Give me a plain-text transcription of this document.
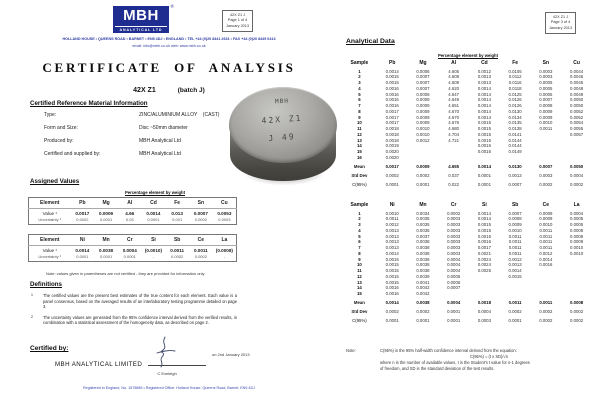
MBH
ANALYTICAL LTD
®
42X Z1 J
Page 1 of 4
January 2013
HOLLAND HOUSE • QUEENS ROAD • BARNET • EN5 4DJ • ENGLAND • TEL +44 (0)20 8441 2631 • FAX +44 (0)20 8449 0413
email: info@mbh.co.uk web: www.mbh.co.uk
CERTIFICATE  OF  ANALYSIS
42X Z1	(batch J)
Certified Reference Material Information
Type:	ZINC/ALUMINIUM ALLOY    (CAST)
Form and Size:	Disc ~50mm diameter
Produced by:	MBH Analytical Ltd
Certified and supplied by:	MBH Analytical Ltd
MBH
42X Z1
J 49
Assigned Values
Percentage element by weight
Element	Pb	Mg	Al	Cd	Fe	Sn	Cu
Value ¹	0.0017	0.0009	4.66	0.0014	0.013	0.0007	0.0053
Uncertainty ²	0.0002	0.0001	0.03	0.0001	0.001	0.0002	0.0003
Element	Ni	Mn	Cr	Si	Sb	Ce	La
Value ¹	0.0014	0.0038	0.0004	(0.0010)	0.0011	0.0011	(0.0008)
Uncertainty ²	0.0001	0.0001	0.0001	-	0.0002	0.0002	-
Note: values given in parentheses are not certified - they are provided for information only
Definitions
1	The certified values are the present best estimates of the true content for each element. Each value is a panel consensus, based on the averaged results of an interlaboratory testing programme detailed on page 3.
2	The uncertainty values are generated from the 95% confidence interval derived from the verified results, in combination with a statistical assessment of the homogeneity data, as described on page 2.
Certified by:
MBH ANALYTICAL LIMITED
C Eveleigh
on 2nd January 2013
Registered in England, No. 1575889 • Registered Office: Holland House, Queens Road, Barnet, EN5 4DJ
42X Z1 J
Page 3 of 4
January 2013
Analytical Data
Percentage element by weight
Sample	Pb	Mg	Al	Cd	Fe	Sn	Cu
1	0.0014	0.0006	4.605	0.0012	0.0105	0.0003	0.0044
2	0.0015	0.0007	4.608	0.0013	0.0112	0.0003	0.0046
3	0.0015	0.0007	4.609	0.0013	0.0116	0.0005	0.0046
4	0.0016	0.0007	4.620	0.0014	0.0118	0.0005	0.0048
5	0.0016	0.0008	4.647	0.0014	0.0125	0.0006	0.0049
6	0.0016	0.0009	4.649	0.0014	0.0126	0.0007	0.0050
7	0.0016	0.0009	4.651	0.0014	0.0126	0.0008	0.0050
8	0.0017	0.0009	4.670	0.0014	0.0130	0.0009	0.0052
9	0.0017	0.0009	4.670	0.0014	0.0134	0.0009	0.0052
10	0.0017	0.0009	4.676	0.0015	0.0135	0.0010	0.0054
11	0.0018	0.0010	4.680	0.0015	0.0138	0.0011	0.0055
12	0.0018	0.0010	4.704	0.0015	0.0141		0.0057
13	0.0018	0.0012	4.721	0.0015	0.0144		
14	0.0019			0.0016	0.0144		
15	0.0020			0.0016	0.0149		
16	0.0020						
Mean	0.0017	0.0009	4.655	0.0014	0.0130	0.0007	0.0050
Std Dev	0.0002	0.0002	0.037	0.0001	0.0013	0.0003	0.0004
C(95%)	0.0001	0.0001	0.022	0.0001	0.0007	0.0002	0.0002
Sample	Ni	Mn	Cr	Si	Sb	Ce	La
1	0.0010	0.0034	0.0002	0.0014	0.0007	0.0009	0.0004
2	0.0011	0.0035	0.0003	0.0014	0.0008	0.0009	0.0005
3	0.0012	0.0035	0.0003	0.0015	0.0009	0.0010	0.0005
4	0.0013	0.0035	0.0003	0.0015	0.0010	0.0011	0.0008
5	0.0013	0.0037	0.0003	0.0015	0.0011	0.0011	0.0009
6	0.0013	0.0038	0.0003	0.0016	0.0011	0.0011	0.0009
7	0.0013	0.0038	0.0003	0.0017	0.0011	0.0011	0.0010
8	0.0014	0.0038	0.0003	0.0021	0.0011	0.0012	0.0010
9	0.0015	0.0038	0.0004	0.0024	0.0012	0.0014	
10	0.0015	0.0038	0.0004	0.0024	0.0013	0.0016	
11	0.0015	0.0038	0.0004	0.0025	0.0014		
12	0.0015	0.0039	0.0005		0.0015		
13	0.0015	0.0041	0.0006				
14	0.0016	0.0042	0.0007				
15	0.0016	0.0042					
Mean	0.0014	0.0038	0.0004	0.0018	0.0011	0.0011	0.0008
Std Dev	0.0002	0.0002	0.0001	0.0004	0.0002	0.0002	0.0002
C(95%)	0.0001	0.0001	0.0001	0.0003	0.0001	0.0002	0.0002
Note:	C(95%) is the 95% half-width confidence interval derived from the equation:
C(95%) = (t x SD)/√n
where n is the number of available values, t is the Student's t value for n-1 degrees
of freedom, and SD is the standard deviation of the test results.
